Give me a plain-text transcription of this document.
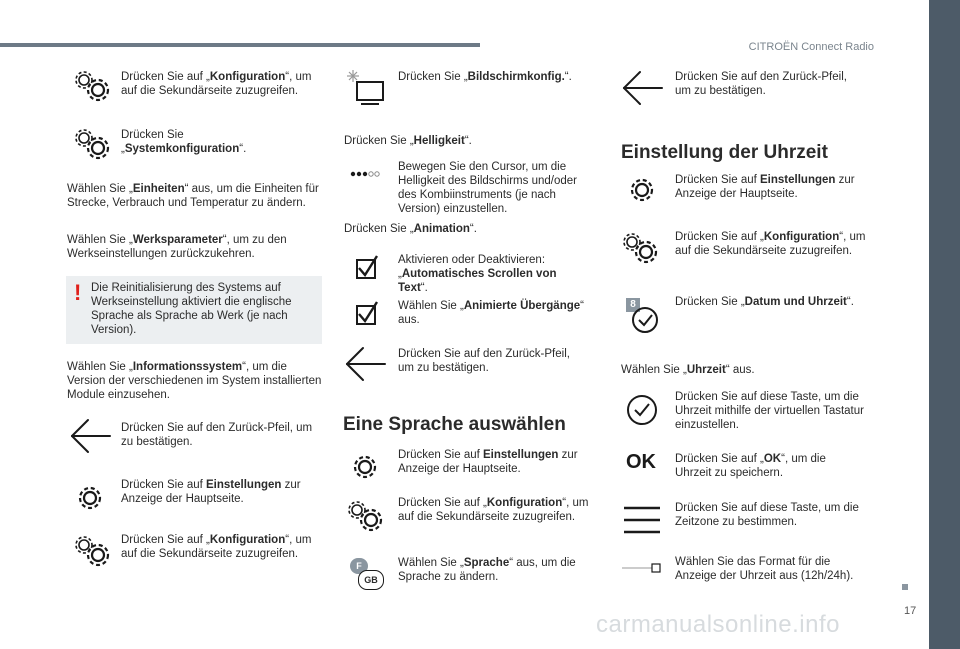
CITROËN Connect Radio
17
Drücken Sie auf „Konfiguration“, um auf die Sekundärseite zuzugreifen.
Drücken Sie „Systemkonfiguration“.
Wählen Sie „Einheiten“ aus, um die Einheiten für Strecke, Verbrauch und Temperatur zu ändern.
Wählen Sie „Werksparameter“, um zu den Werkseinstellungen zurückzukehren.
! Die Reinitialisierung des Systems auf Werkseinstellung aktiviert die englische Sprache als Sprache ab Werk (je nach Version).
Wählen Sie „Informationssystem“, um die Version der verschiedenen im System installierten Module einzusehen.
Drücken Sie auf den Zurück-Pfeil, um zu bestätigen.
Drücken Sie auf Einstellungen zur Anzeige der Hauptseite.
Drücken Sie auf „Konfiguration“, um auf die Sekundärseite zuzugreifen.
Drücken Sie „Bildschirmkonfig.“.
Drücken Sie „Helligkeit“.
Bewegen Sie den Cursor, um die Helligkeit des Bildschirms und/oder des Kombiinstruments (je nach Version) einzustellen.
Drücken Sie „Animation“.
Aktivieren oder Deaktivieren: „Automatisches Scrollen von Text“.
Wählen Sie „Animierte Übergänge“ aus.
Drücken Sie auf den Zurück-Pfeil, um zu bestätigen.
Eine Sprache auswählen
Drücken Sie auf Einstellungen zur Anzeige der Hauptseite.
Drücken Sie auf „Konfiguration“, um auf die Sekundärseite zuzugreifen.
F
GB
Wählen Sie „Sprache“ aus, um die Sprache zu ändern.
Drücken Sie auf den Zurück-Pfeil, um zu bestätigen.
Einstellung der Uhrzeit
Drücken Sie auf Einstellungen zur Anzeige der Hauptseite.
Drücken Sie auf „Konfiguration“, um auf die Sekundärseite zuzugreifen.
8	Drücken Sie „Datum und Uhrzeit“.
Wählen Sie „Uhrzeit“ aus.
Drücken Sie auf diese Taste, um die Uhrzeit mithilfe der virtuellen Tastatur einzustellen.
OK Drücken Sie auf „OK“, um die Uhrzeit zu speichern.
Drücken Sie auf diese Taste, um die Zeitzone zu bestimmen.
Wählen Sie das Format für die Anzeige der Uhrzeit aus (12h/24h).
carmanualsonline.info
